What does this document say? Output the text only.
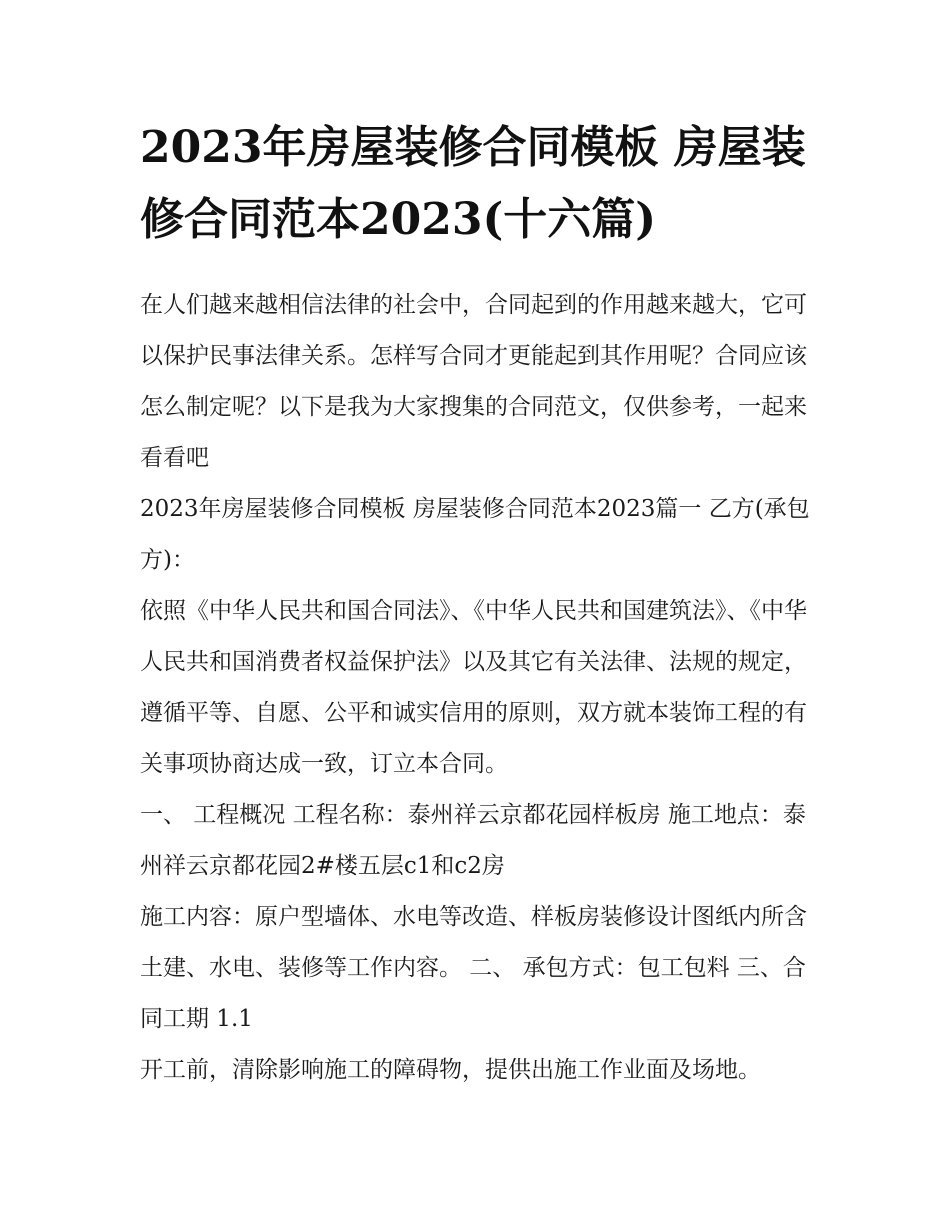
2023年房屋装修合同模板 房屋装修合同范本2023(十六篇)

在人们越来越相信法律的社会中，合同起到的作用越来越大，它可以保护民事法律关系。怎样写合同才更能起到其作用呢？合同应该怎么制定呢？以下是我为大家搜集的合同范文，仅供参考，一起来看看吧

2023年房屋装修合同模板 房屋装修合同范本2023篇一 乙方(承包方)：

依照《中华人民共和国合同法》、《中华人民共和国建筑法》、《中华人民共和国消费者权益保护法》以及其它有关法律、法规的规定，遵循平等、自愿、公平和诚实信用的原则，双方就本装饰工程的有关事项协商达成一致，订立本合同。

一、 工程概况 工程名称：泰州祥云京都花园样板房 施工地点：泰州祥云京都花园2#楼五层c1和c2房

施工内容：原户型墙体、水电等改造、样板房装修设计图纸内所含土建、水电、装修等工作内容。 二、 承包方式：包工包料 三、合同工期 1.1

开工前，清除影响施工的障碍物，提供出施工作业面及场地。
